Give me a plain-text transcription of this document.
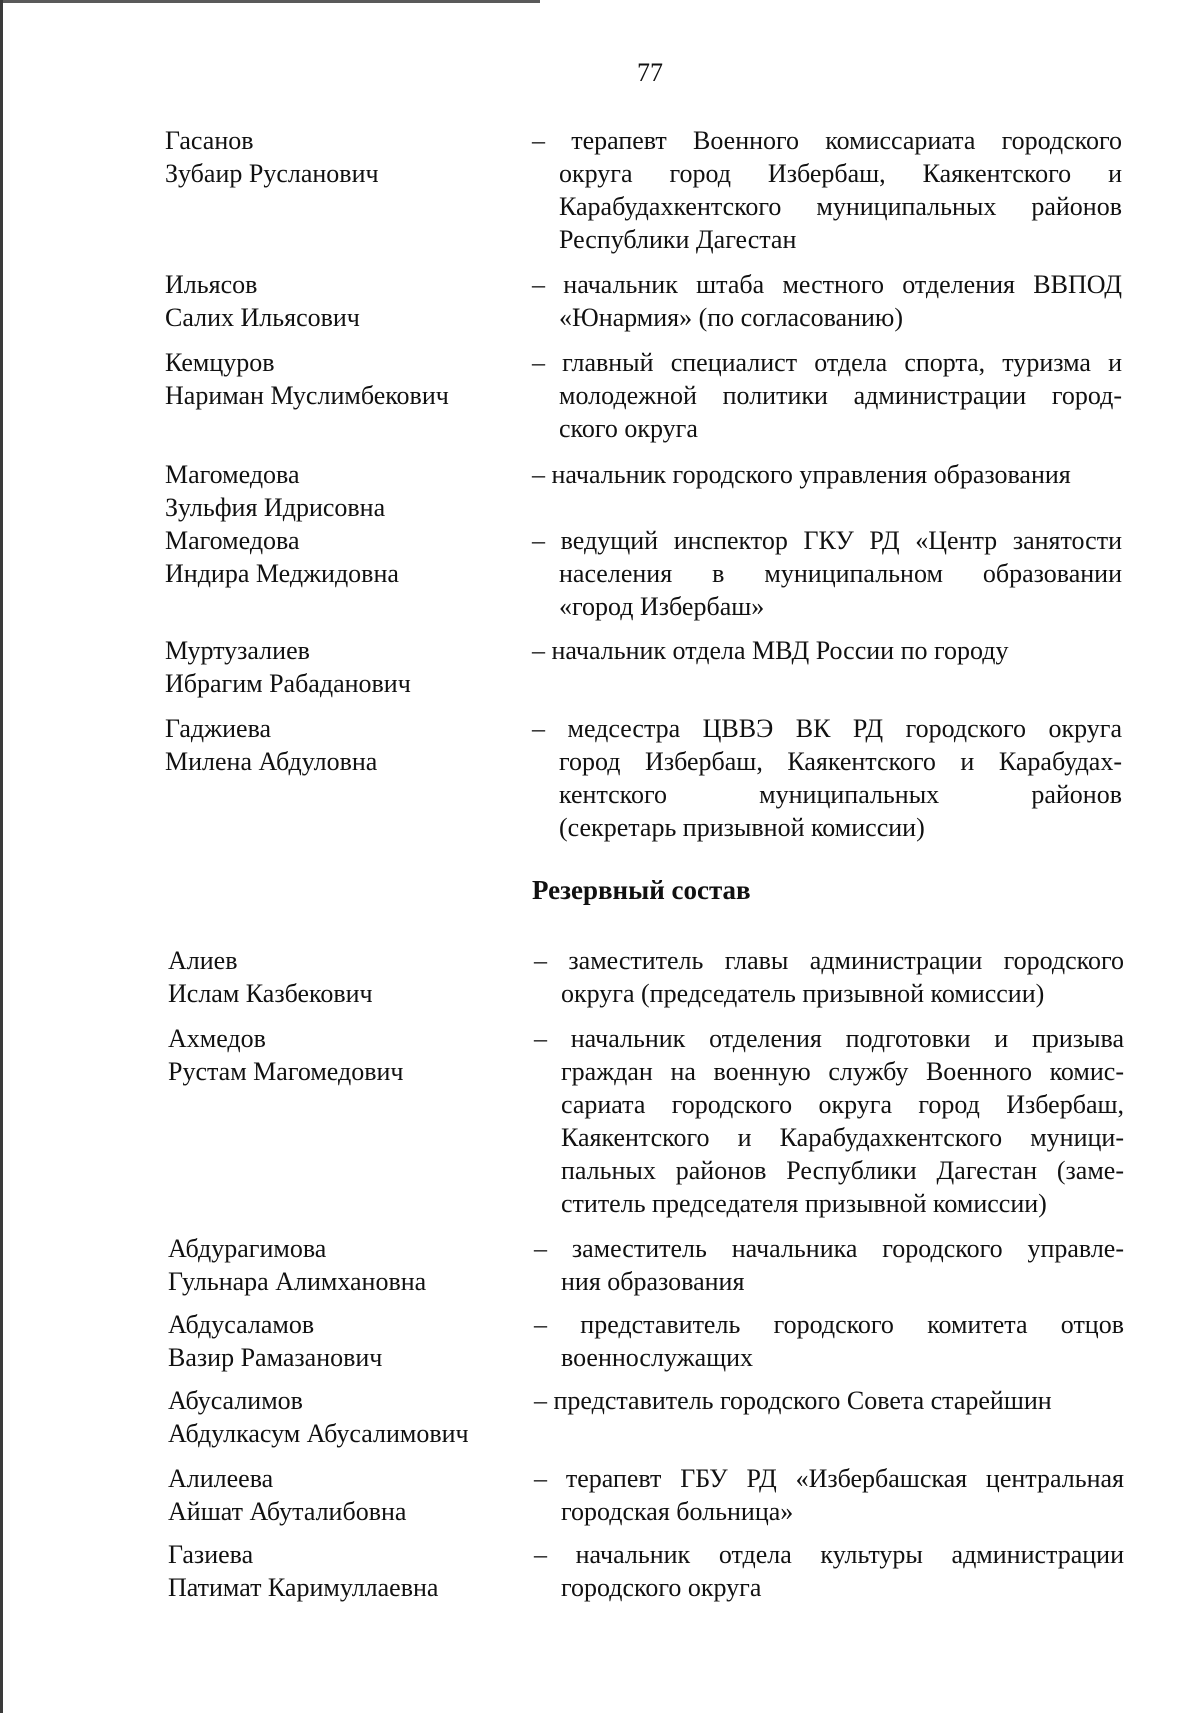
77
Гасанов
Зубаир Русланович
– терапевт Военного комиссариата городского
округа город Избербаш, Каякентского и
Карабудахкентского муниципальных районов
Республики Дагестан
Ильясов
Салих Ильясович
– начальник штаба местного отделения ВВПОД
«Юнармия» (по согласованию)
Кемцуров
Нариман Муслимбекович
– главный специалист отдела спорта, туризма и
молодежной политики администрации город-
ского округа
Магомедова
Зульфия Идрисовна
– начальник городского управления образования
Магомедова
Индира Меджидовна
– ведущий инспектор ГКУ РД «Центр занятости
населения в муниципальном образовании
«город Избербаш»
Муртузалиев
Ибрагим Рабаданович
– начальник отдела МВД России по городу
Гаджиева
Милена Абдуловна
– медсестра ЦВВЭ ВК РД городского округа
город Избербаш, Каякентского и Карабудах-
кентского муниципальных районов
(секретарь призывной комиссии)
Резервный состав
Алиев
Ислам Казбекович
– заместитель главы администрации городского
округа (председатель призывной комиссии)
Ахмедов
Рустам Магомедович
– начальник отделения подготовки и призыва
граждан на военную службу Военного комис-
сариата городского округа город Избербаш,
Каякентского и Карабудахкентского муници-
пальных районов Республики Дагестан (заме-
ститель председателя призывной комиссии)
Абдурагимова
Гульнара Алимхановна
– заместитель начальника городского управле-
ния образования
Абдусаламов
Вазир Рамазанович
– представитель городского комитета отцов
военнослужащих
Абусалимов
Абдулкасум Абусалимович
– представитель городского Совета старейшин
Алилеева
Айшат Абуталибовна
– терапевт ГБУ РД «Избербашская центральная
городская больница»
Газиева
Патимат Каримуллаевна
– начальник отдела культуры администрации
городского округа
